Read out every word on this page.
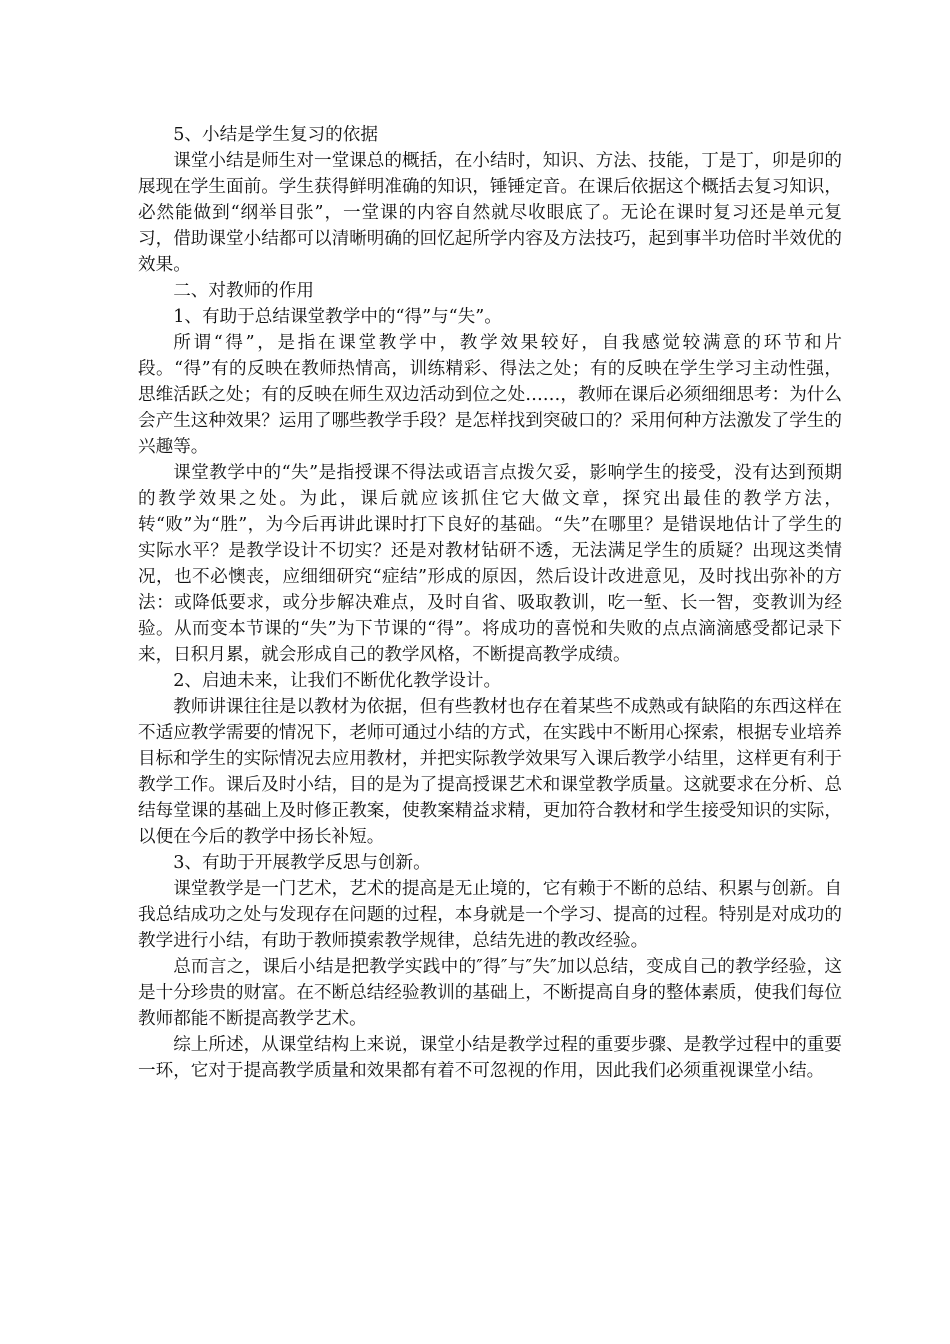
5、小结是学生复习的依据

课堂小结是师生对一堂课总的概括，在小结时，知识、方法、技能，丁是丁，卯是卯的展现在学生面前。学生获得鲜明准确的知识，锤锤定音。在课后依据这个概括去复习知识，必然能做到“纲举目张”，一堂课的内容自然就尽收眼底了。无论在课时复习还是单元复习，借助课堂小结都可以清晰明确的回忆起所学内容及方法技巧，起到事半功倍时半效优的效果。

二、对教师的作用

1、有助于总结课堂教学中的“得”与“失”。

所谓“得”，是指在课堂教学中，教学效果较好，自我感觉较满意的环节和片段。“得”有的反映在教师热情高，训练精彩、得法之处；有的反映在学生学习主动性强，思维活跃之处；有的反映在师生双边活动到位之处……，教师在课后必须细细思考：为什么会产生这种效果？运用了哪些教学手段？是怎样找到突破口的？采用何种方法激发了学生的兴趣等。

课堂教学中的“失”是指授课不得法或语言点拨欠妥，影响学生的接受，没有达到预期的教学效果之处。为此，课后就应该抓住它大做文章，探究出最佳的教学方法，转“败”为“胜”，为今后再讲此课时打下良好的基础。“失”在哪里？是错误地估计了学生的实际水平？是教学设计不切实？还是对教材钻研不透，无法满足学生的质疑？出现这类情况，也不必懊丧，应细细研究“症结”形成的原因，然后设计改进意见，及时找出弥补的方法：或降低要求，或分步解决难点，及时自省、吸取教训，吃一堑、长一智，变教训为经验。从而变本节课的“失”为下节课的“得”。将成功的喜悦和失败的点点滴滴感受都记录下来，日积月累，就会形成自己的教学风格，不断提高教学成绩。

2、启迪未来，让我们不断优化教学设计。

教师讲课往往是以教材为依据，但有些教材也存在着某些不成熟或有缺陷的东西这样在不适应教学需要的情况下，老师可通过小结的方式，在实践中不断用心探索，根据专业培养目标和学生的实际情况去应用教材，并把实际教学效果写入课后教学小结里，这样更有利于教学工作。课后及时小结，目的是为了提高授课艺术和课堂教学质量。这就要求在分析、总结每堂课的基础上及时修正教案，使教案精益求精，更加符合教材和学生接受知识的实际，以便在今后的教学中扬长补短。

3、有助于开展教学反思与创新。

课堂教学是一门艺术，艺术的提高是无止境的，它有赖于不断的总结、积累与创新。自我总结成功之处与发现存在问题的过程，本身就是一个学习、提高的过程。特别是对成功的教学进行小结，有助于教师摸索教学规律，总结先进的教改经验。

总而言之，课后小结是把教学实践中的″得″与″失″加以总结，变成自己的教学经验，这是十分珍贵的财富。在不断总结经验教训的基础上，不断提高自身的整体素质，使我们每位教师都能不断提高教学艺术。

综上所述，从课堂结构上来说，课堂小结是教学过程的重要步骤、是教学过程中的重要一环，它对于提高教学质量和效果都有着不可忽视的作用，因此我们必须重视课堂小结。
